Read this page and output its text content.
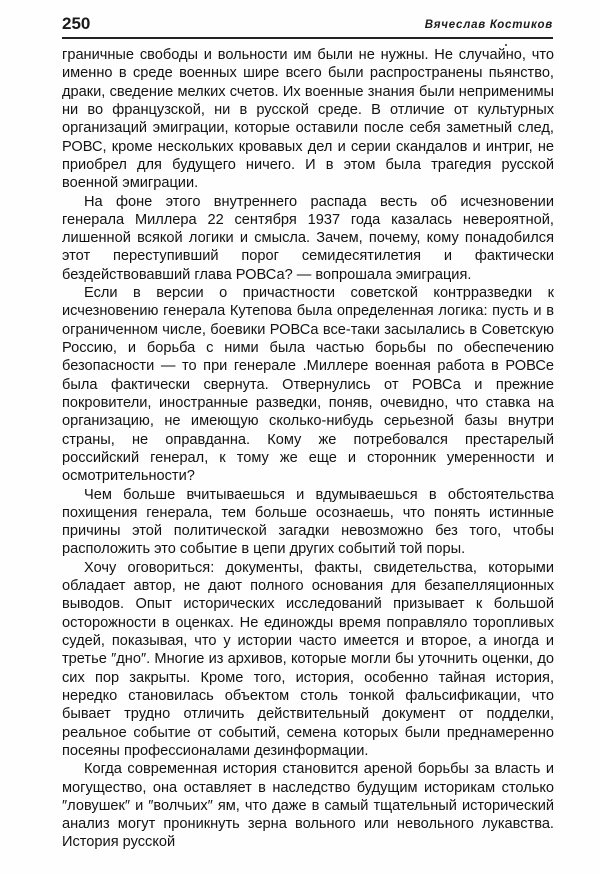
250	Вячеслав Костиков

граничные свободы и вольности им были не нужны. Не случайно, что именно в среде военных шире всего были распространены пьянство, драки, сведение мелких счетов. Их военные знания были неприменимы ни во французской, ни в русской среде. В отличие от культурных организаций эмиграции, которые оставили после себя заметный след, РОВС, кроме нескольких кровавых дел и серии скандалов и интриг, не приобрел для будущего ничего. И в этом была трагедия русской военной эмиграции.

На фоне этого внутреннего распада весть об исчезновении генерала Миллера 22 сентября 1937 года казалась невероятной, лишенной всякой логики и смысла. Зачем, почему, кому понадобился этот переступивший порог семидесятилетия и фактически бездействовавший глава РОВСа? — вопрошала эмиграция.

Если в версии о причастности советской контрразведки к исчезновению генерала Кутепова была определенная логика: пусть и в ограниченном числе, боевики РОВСа все-таки засылались в Советскую Россию, и борьба с ними была частью борьбы по обеспечению безопасности — то при генерале .Миллере военная работа в РОВСе была фактически свернута. Отвернулись от РОВСа и прежние покровители, иностранные разведки, поняв, очевидно, что ставка на организацию, не имеющую сколько-нибудь серьезной базы внутри страны, не оправданна. Кому же потребовался престарелый российский генерал, к тому же еще и сторонник умеренности и осмотрительности?

Чем больше вчитываешься и вдумываешься в обстоятельства похищения генерала, тем больше осознаешь, что понять истинные причины этой политической загадки невозможно без того, чтобы расположить это событие в цепи других событий той поры.

Хочу оговориться: документы, факты, свидетельства, которыми обладает автор, не дают полного основания для безапелляционных выводов. Опыт исторических исследований призывает к большой осторожности в оценках. Не единожды время поправляло торопливых судей, показывая, что у истории часто имеется и второе, а иногда и третье ″дно″. Многие из архивов, которые могли бы уточнить оценки, до сих пор закрыты. Кроме того, история, особенно тайная история, нередко становилась объектом столь тонкой фальсификации, что бывает трудно отличить действительный документ от подделки, реальное событие от событий, семена которых были преднамеренно посеяны профессионалами дезинформации.

Когда современная история становится ареной борьбы за власть и могущество, она оставляет в наследство будущим историкам столько ″ловушек″ и ″волчьих″ ям, что даже в самый тщательный исторический анализ могут проникнуть зерна вольного или невольного лукавства. История русской
